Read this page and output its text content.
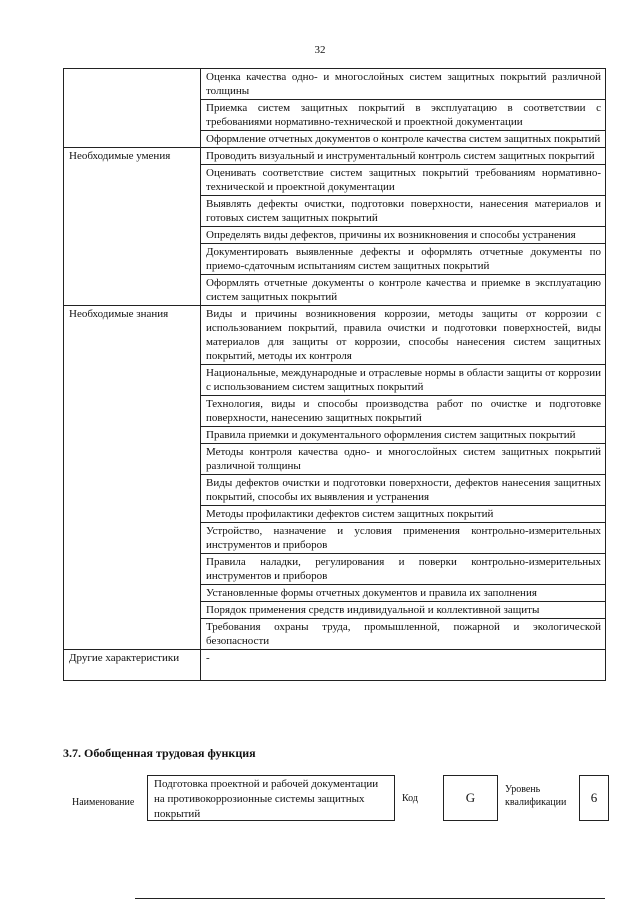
32
	Оценка качества одно- и многослойных систем защитных покрытий различной толщины
	Приемка систем защитных покрытий в эксплуатацию в соответствии с требованиями нормативно-технической и проектной документации
	Оформление отчетных документов о контроле качества систем защитных покрытий
Необходимые умения	Проводить визуальный и инструментальный контроль систем защитных покрытий
	Оценивать соответствие систем защитных покрытий требованиям нормативно-технической и проектной документации
	Выявлять дефекты очистки, подготовки поверхности, нанесения материалов и готовых систем защитных покрытий
	Определять виды дефектов, причины их возникновения и способы устранения
	Документировать выявленные дефекты и оформлять отчетные документы по приемо-сдаточным испытаниям систем защитных покрытий
	Оформлять отчетные документы о контроле качества и приемке в эксплуатацию систем защитных покрытий
Необходимые знания	Виды и причины возникновения коррозии, методы защиты от коррозии с использованием покрытий, правила очистки и подготовки поверхностей, виды материалов для защиты от коррозии, способы нанесения систем защитных покрытий, методы их контроля
	Национальные, международные и отраслевые нормы в области защиты от коррозии с использованием систем защитных покрытий
	Технология, виды и способы производства работ по очистке и подготовке поверхности, нанесению защитных покрытий
	Правила приемки и документального оформления систем защитных покрытий
	Методы контроля качества одно- и многослойных систем защитных покрытий различной толщины
	Виды дефектов очистки и подготовки поверхности, дефектов нанесения защитных покрытий, способы их выявления и устранения
	Методы профилактики дефектов систем защитных покрытий
	Устройство, назначение и условия применения контрольно-измерительных инструментов и приборов
	Правила наладки, регулирования и поверки контрольно-измерительных инструментов и приборов
	Установленные формы отчетных документов и правила их заполнения
	Порядок применения средств индивидуальной и коллективной защиты
	Требования охраны труда, промышленной, пожарной и экологической безопасности
Другие характеристики	-
3.7. Обобщенная трудовая функция
Наименование
Подготовка проектной и рабочей документации на противокоррозионные системы защитных покрытий
Код	G
Уровень квалификации	6
